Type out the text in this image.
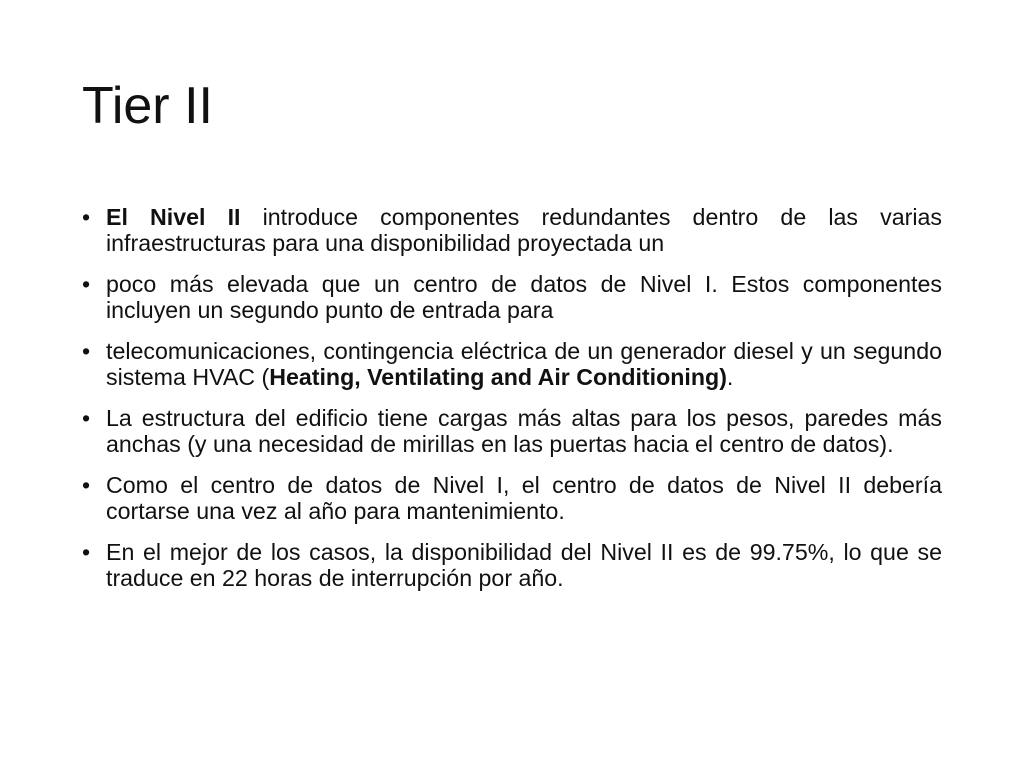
Tier II
• El Nivel II introduce componentes redundantes dentro de las varias infraestructuras para una disponibilidad proyectada un
• poco más elevada que un centro de datos de Nivel I. Estos componentes incluyen un segundo punto de entrada para
• telecomunicaciones, contingencia eléctrica de un generador diesel y un segundo sistema HVAC (Heating, Ventilating and Air Conditioning).
• La estructura del edificio tiene cargas más altas para los pesos, paredes más anchas (y una necesidad de mirillas en las puertas hacia el centro de datos).
• Como el centro de datos de Nivel I, el centro de datos de Nivel II debería cortarse una vez al año para mantenimiento.
• En el mejor de los casos, la disponibilidad del Nivel II es de 99.75%, lo que se traduce en 22 horas de interrupción por año.
